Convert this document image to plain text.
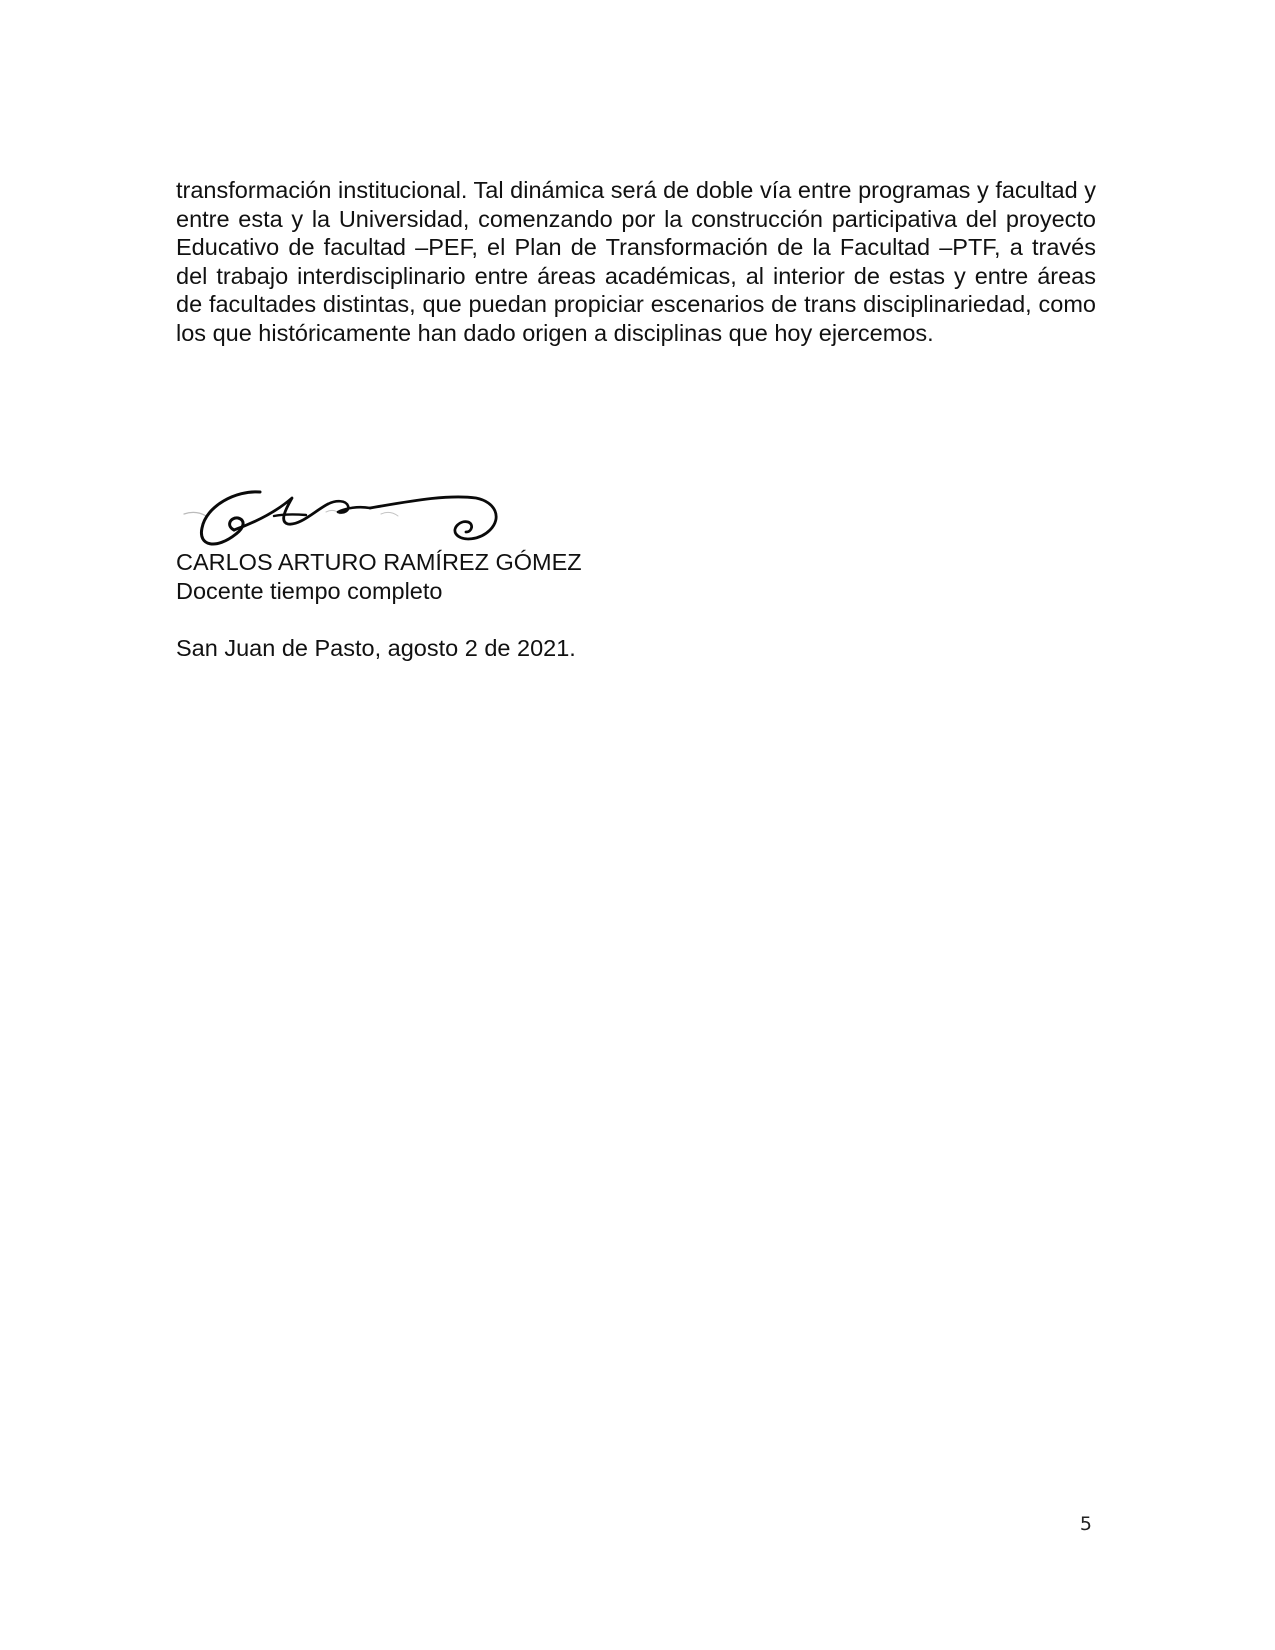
transformación institucional. Tal dinámica será de doble vía entre programas y facultad y entre esta y la Universidad, comenzando por la construcción participativa del proyecto Educativo de facultad –PEF, el Plan de Transformación de la Facultad –PTF, a través del trabajo interdisciplinario entre áreas académicas, al interior de estas y entre áreas de facultades distintas, que puedan propiciar escenarios de trans disciplinariedad, como los que históricamente han dado origen a disciplinas que hoy ejercemos.

CARLOS ARTURO RAMÍREZ GÓMEZ
Docente tiempo completo
San Juan de Pasto, agosto 2 de 2021.
5
